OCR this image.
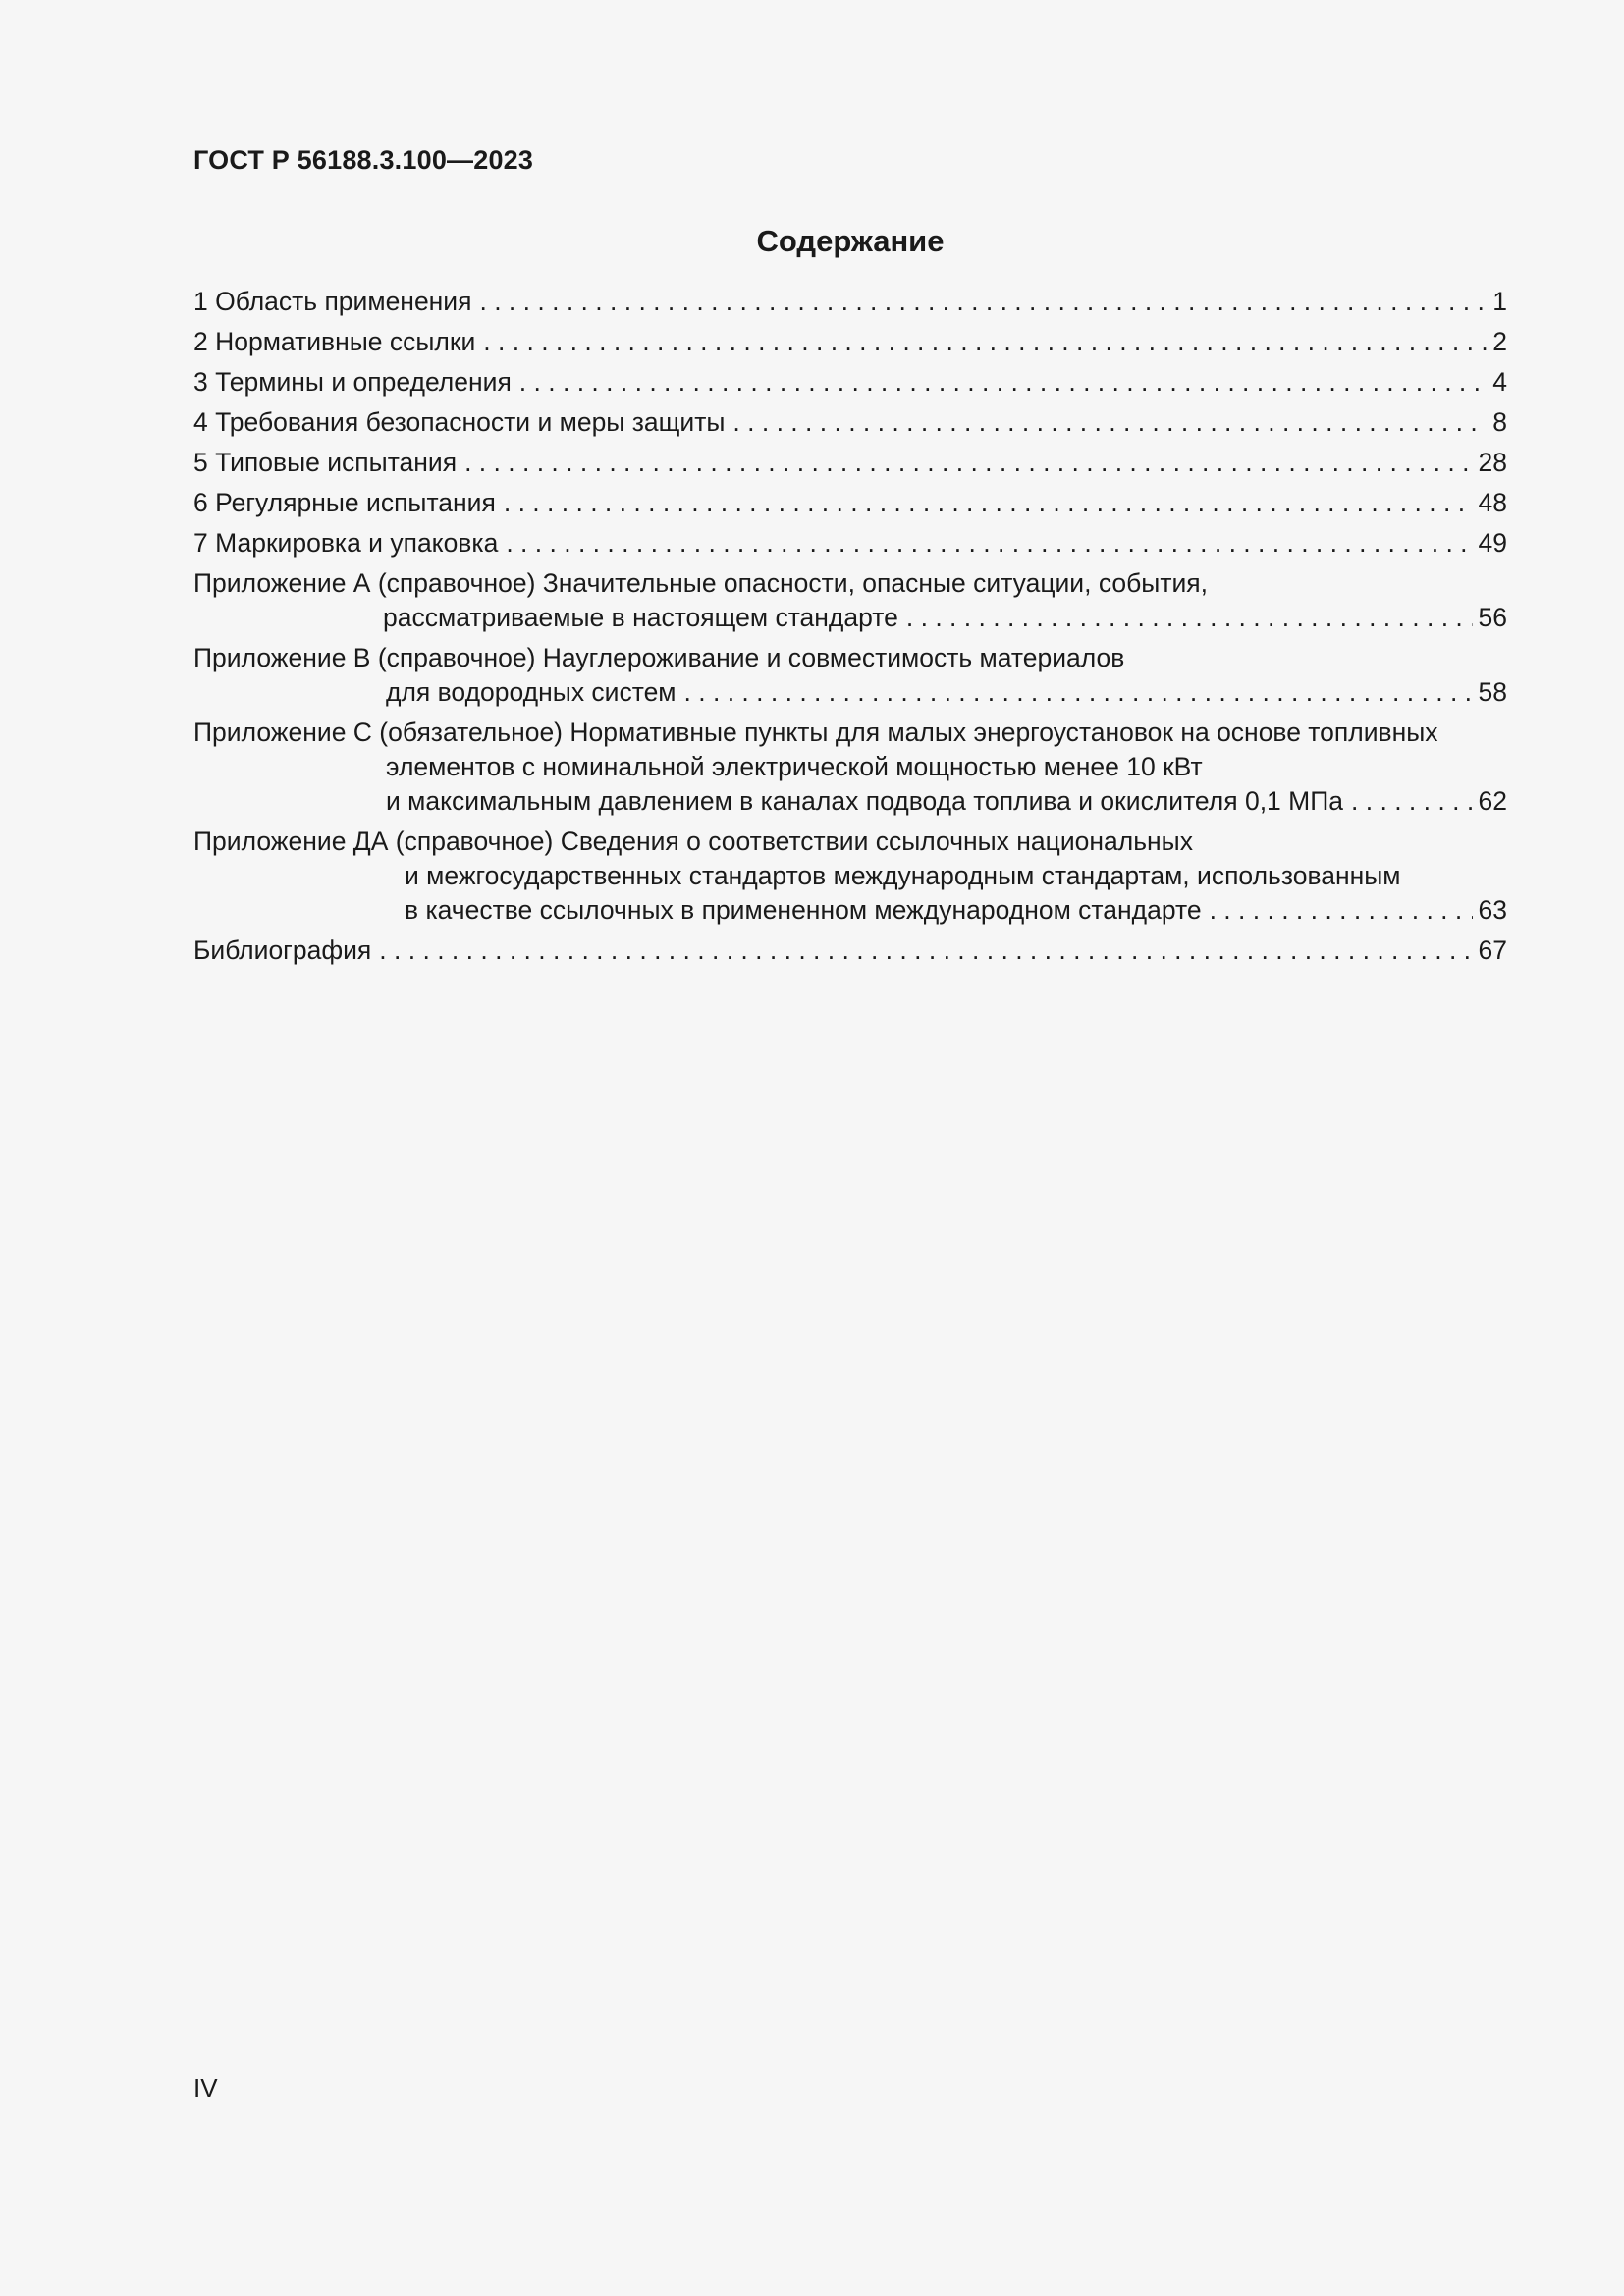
ГОСТ Р 56188.3.100—2023
Содержание
1 Область применения . . .	1
2 Нормативные ссылки . . .	2
3 Термины и определения . . .	4
4 Требования безопасности и меры защиты . . .	8
5 Типовые испытания . . .	28
6 Регулярные испытания . . .	48
7 Маркировка и упаковка . . .	49
Приложение А (справочное) Значительные опасности, опасные ситуации, события,
рассматриваемые в настоящем стандарте . . .	56
Приложение В (справочное) Науглероживание и совместимость материалов
для водородных систем . . .	58
Приложение С (обязательное) Нормативные пункты для малых энергоустановок на основе топливных
элементов с номинальной электрической мощностью менее 10 кВт
и максимальным давлением в каналах подвода топлива и окислителя 0,1 МПа . . .	62
Приложение ДА (справочное) Сведения о соответствии ссылочных национальных
и межгосударственных стандартов международным стандартам, использованным
в качестве ссылочных в примененном международном стандарте . . .	63
Библиография . . .	67
IV
